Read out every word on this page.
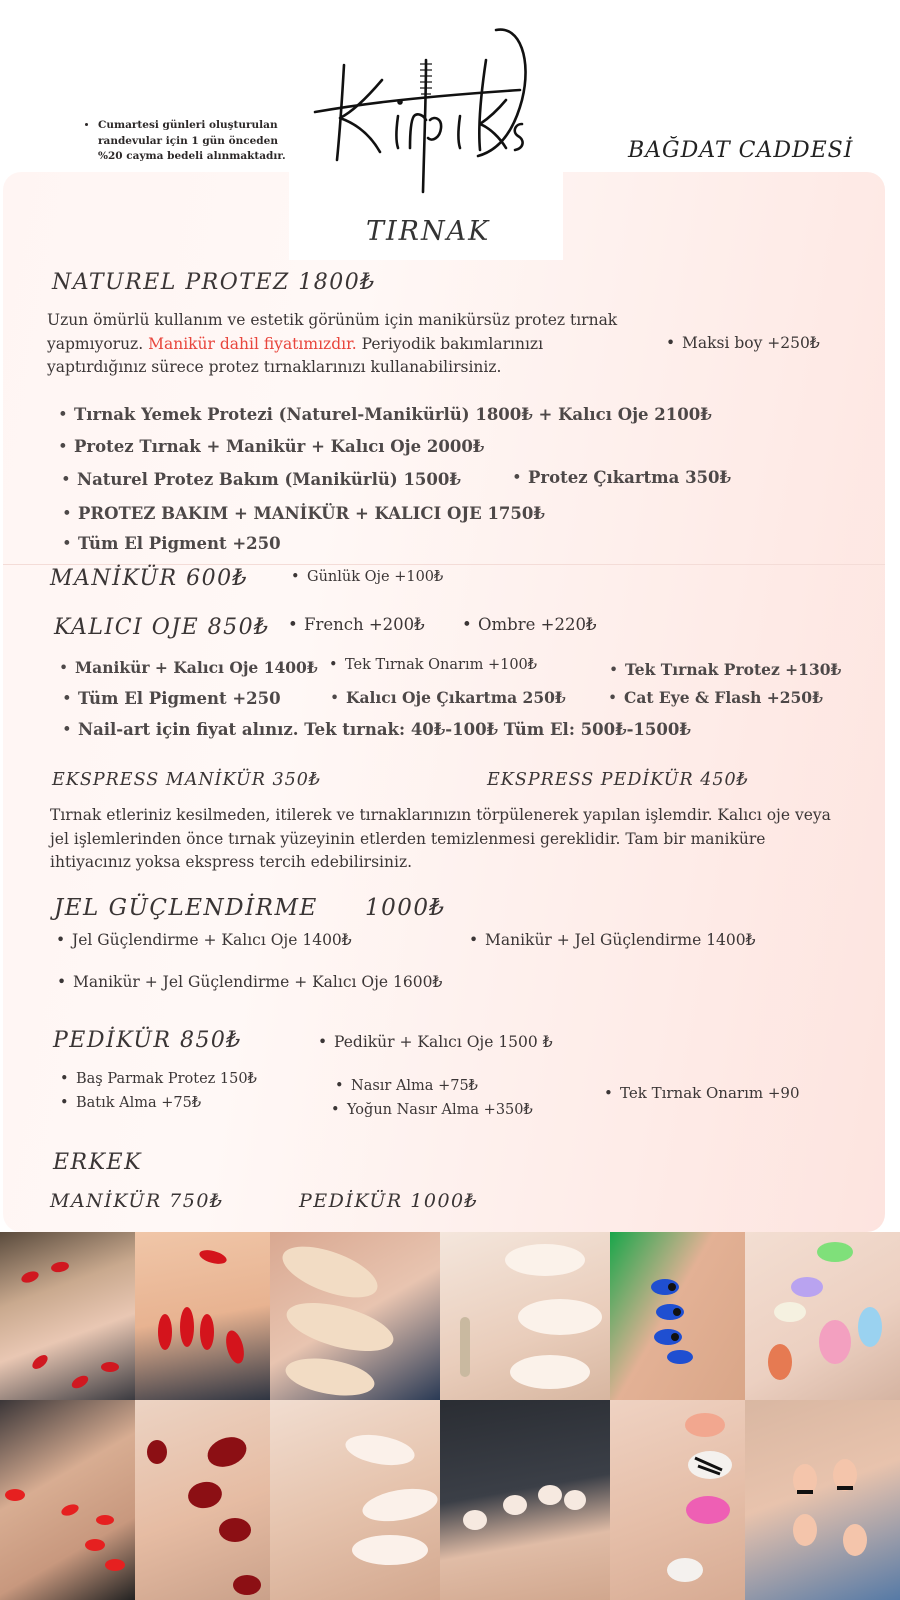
• Cumartesi günleri oluşturulan randevular için 1 gün önceden %20 cayma bedeli alınmaktadır.	BAĞDAT CADDESİ
TIRNAK
NATUREL PROTEZ 1800₺
Uzun ömürlü kullanım ve estetik görünüm için manikürsüz protez tırnak yapmıyoruz. Manikür dahil fiyatımızdır. Periyodik bakımlarınızı yaptırdığınız sürece protez tırnaklarınızı kullanabilirsiniz.
• Maksi boy +250₺
• Tırnak Yemek Protezi (Naturel-Manikürlü) 1800₺ + Kalıcı Oje 2100₺
• Protez Tırnak + Manikür + Kalıcı Oje 2000₺
• Naturel Protez Bakım (Manikürlü) 1500₺	• Protez Çıkartma 350₺
• PROTEZ BAKIM + MANİKÜR + KALICI OJE 1750₺
• Tüm El Pigment +250
MANİKÜR 600₺	• Günlük Oje +100₺
KALICI OJE 850₺	• French +200₺	• Ombre +220₺
• Manikür + Kalıcı Oje 1400₺	• Tek Tırnak Onarım +100₺	• Tek Tırnak Protez +130₺
• Tüm El Pigment +250	• Kalıcı Oje Çıkartma 250₺	• Cat Eye & Flash +250₺
• Nail-art için fiyat alınız. Tek tırnak: 40₺-100₺ Tüm El: 500₺-1500₺
EKSPRESS MANİKÜR 350₺	EKSPRESS PEDİKÜR 450₺
Tırnak etleriniz kesilmeden, itilerek ve tırnaklarınızın törpülenerek yapılan işlemdir. Kalıcı oje veya jel işlemlerinden önce tırnak yüzeyinin etlerden temizlenmesi gereklidir. Tam bir maniküre ihtiyacınız yoksa ekspress tercih edebilirsiniz.
JEL GÜÇLENDİRME 1000₺
• Jel Güçlendirme + Kalıcı Oje 1400₺	• Manikür + Jel Güçlendirme 1400₺
• Manikür + Jel Güçlendirme + Kalıcı Oje 1600₺
PEDİKÜR 850₺	• Pedikür + Kalıcı Oje 1500 ₺
• Baş Parmak Protez 150₺
• Batık Alma +75₺
• Nasır Alma +75₺
• Yoğun Nasır Alma +350₺
• Tek Tırnak Onarım +90
ERKEK
MANİKÜR 750₺	PEDİKÜR 1000₺
